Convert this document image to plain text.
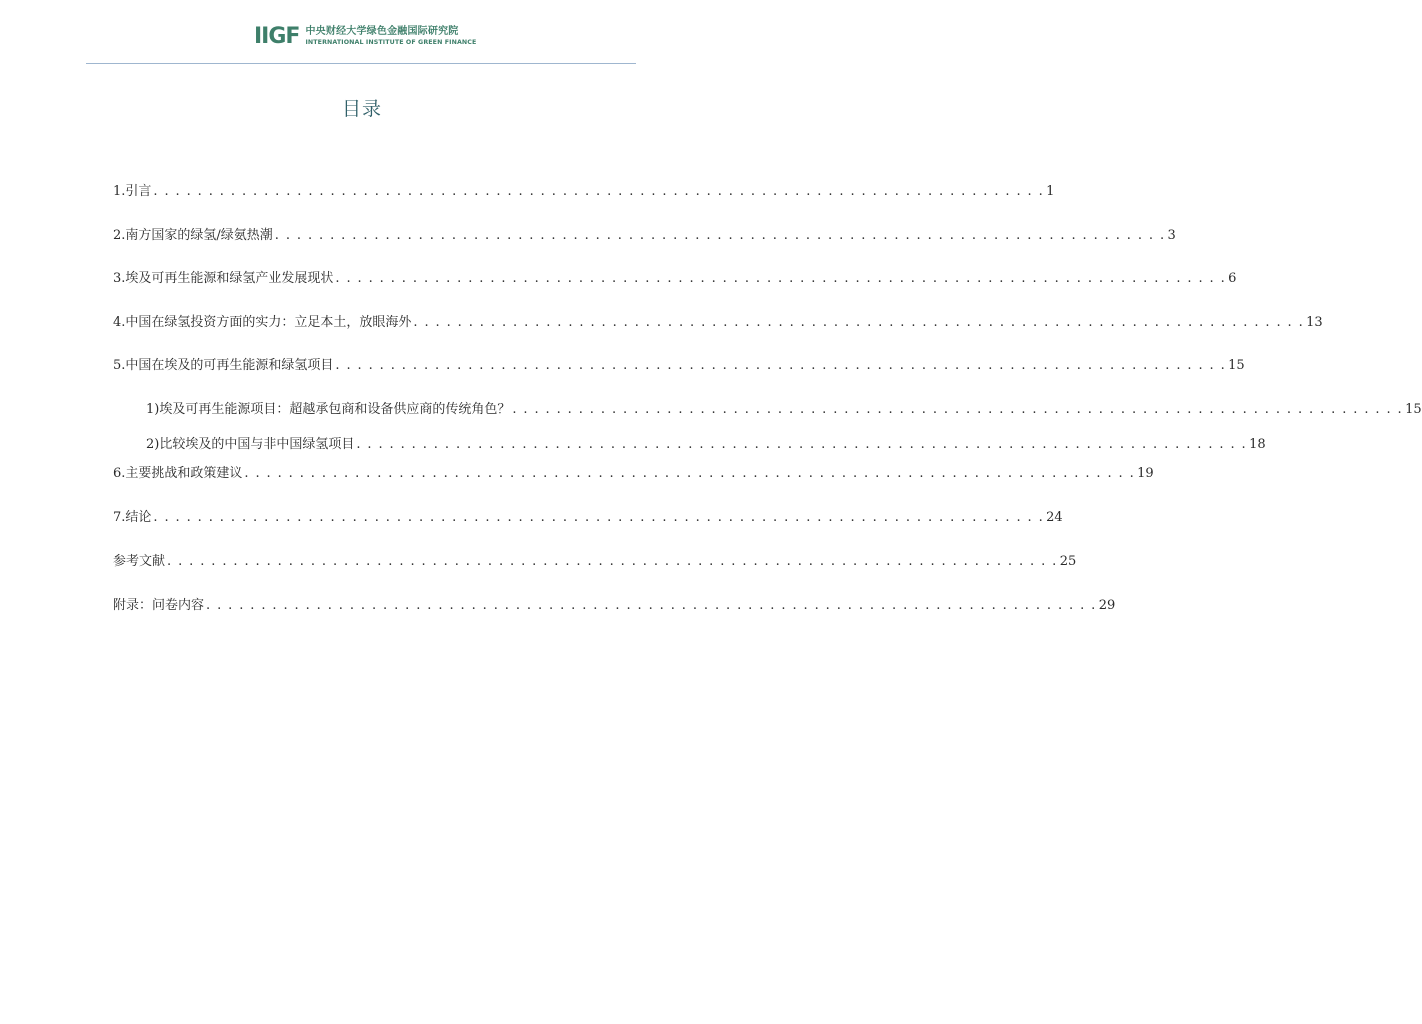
IIGF 中央财经大学绿色金融国际研究院
INTERNATIONAL INSTITUTE OF GREEN FINANCE
目录
1. 引言 . . . . . . . . . . . . . . . . . . . . . . . . . . . . . . . . . . . . . . . . . . . . . . . . . . . . . . . . . . . . . . . . . . . . . . . . . . . . . . . . . 1
2. 南方国家的绿氢/绿氨热潮 . . . . . . . . . . . . . . . . . . . . . . . . . . . . . . . . . . . . . . . . . . . . . . . . . . . . . . . . . . . . . . . . . . . . . . . . . . . . . . . . . 3
3. 埃及可再生能源和绿氢产业发展现状 . . . . . . . . . . . . . . . . . . . . . . . . . . . . . . . . . . . . . . . . . . . . . . . . . . . . . . . . . . . . . . . . . . . . . . . . . . . . . . . . . 6
4. 中国在绿氢投资方面的实力：立足本土，放眼海外 . . . . . . . . . . . . . . . . . . . . . . . . . . . . . . . . . . . . . . . . . . . . . . . . . . . . . . . . . . . . . . . . . . . . . . . . . . . . . . . . . 13
5. 中国在埃及的可再生能源和绿氢项目 . . . . . . . . . . . . . . . . . . . . . . . . . . . . . . . . . . . . . . . . . . . . . . . . . . . . . . . . . . . . . . . . . . . . . . . . . . . . . . . . . 15
1) 埃及可再生能源项目：超越承包商和设备供应商的传统角色？ . . . . . . . . . . . . . . . . . . . . . . . . . . . . . . . . . . . . . . . . . . . . . . . . . . . . . . . . . . . . . . . . . . . . . . . . . . . . . . . . . 15
2) 比较埃及的中国与非中国绿氢项目 . . . . . . . . . . . . . . . . . . . . . . . . . . . . . . . . . . . . . . . . . . . . . . . . . . . . . . . . . . . . . . . . . . . . . . . . . . . . . . . . . 18
6. 主要挑战和政策建议 . . . . . . . . . . . . . . . . . . . . . . . . . . . . . . . . . . . . . . . . . . . . . . . . . . . . . . . . . . . . . . . . . . . . . . . . . . . . . . . . . 19
7. 结论 . . . . . . . . . . . . . . . . . . . . . . . . . . . . . . . . . . . . . . . . . . . . . . . . . . . . . . . . . . . . . . . . . . . . . . . . . . . . . . . . . 24
参考文献 . . . . . . . . . . . . . . . . . . . . . . . . . . . . . . . . . . . . . . . . . . . . . . . . . . . . . . . . . . . . . . . . . . . . . . . . . . . . . . . . . 25
附录：问卷内容 . . . . . . . . . . . . . . . . . . . . . . . . . . . . . . . . . . . . . . . . . . . . . . . . . . . . . . . . . . . . . . . . . . . . . . . . . . . . . . . . . 29
